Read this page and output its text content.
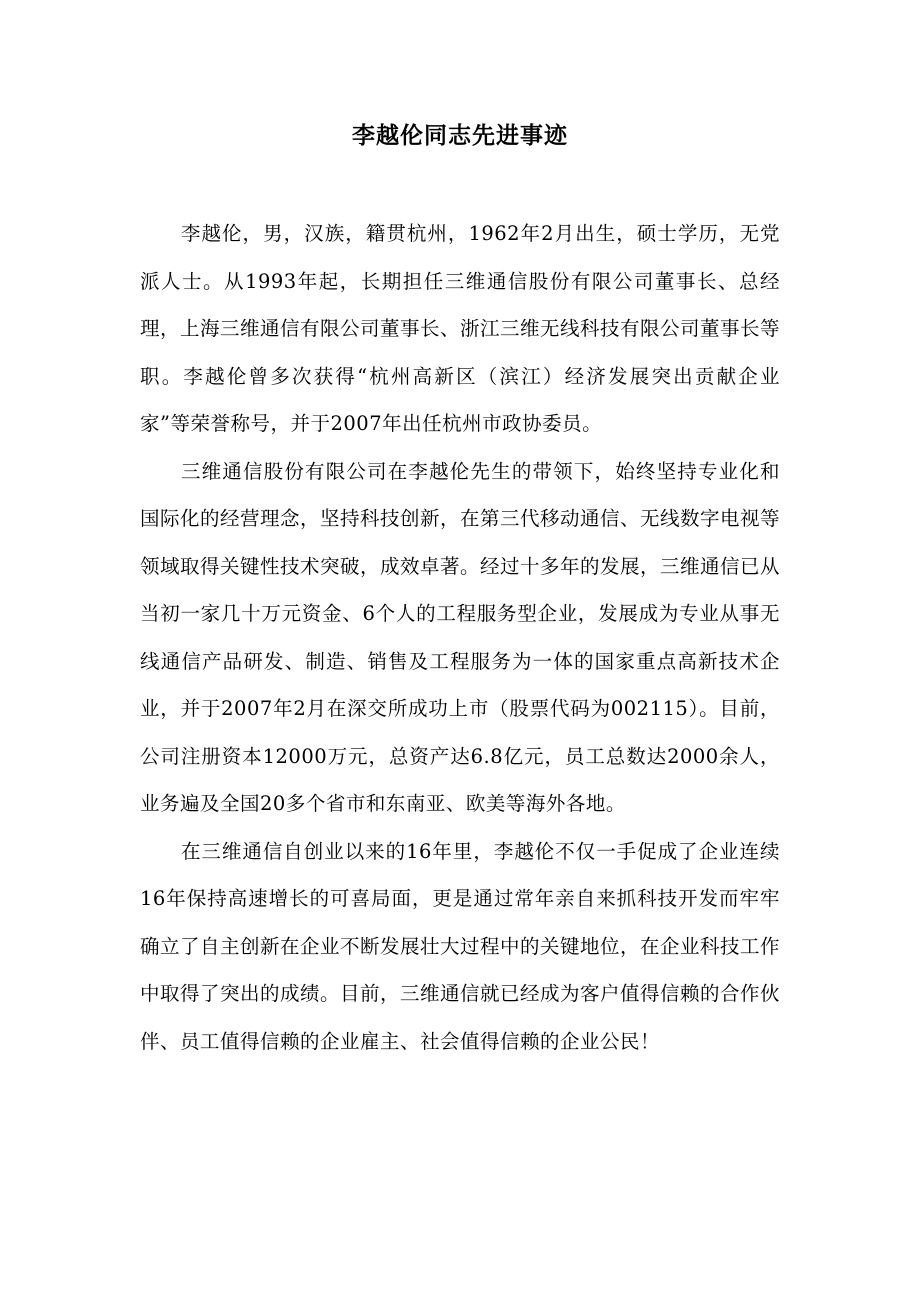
李越伦同志先进事迹

李越伦，男，汉族，籍贯杭州，1962年2月出生，硕士学历，无党派人士。从1993年起，长期担任三维通信股份有限公司董事长、总经理，上海三维通信有限公司董事长、浙江三维无线科技有限公司董事长等职。李越伦曾多次获得“杭州高新区（滨江）经济发展突出贡献企业家”等荣誉称号，并于2007年出任杭州市政协委员。

三维通信股份有限公司在李越伦先生的带领下，始终坚持专业化和国际化的经营理念，坚持科技创新，在第三代移动通信、无线数字电视等领域取得关键性技术突破，成效卓著。经过十多年的发展，三维通信已从当初一家几十万元资金、6个人的工程服务型企业，发展成为专业从事无线通信产品研发、制造、销售及工程服务为一体的国家重点高新技术企业，并于2007年2月在深交所成功上市（股票代码为002115）。目前，公司注册资本12000万元，总资产达6.8亿元，员工总数达2000余人，业务遍及全国20多个省市和东南亚、欧美等海外各地。

在三维通信自创业以来的16年里，李越伦不仅一手促成了企业连续16年保持高速增长的可喜局面，更是通过常年亲自来抓科技开发而牢牢确立了自主创新在企业不断发展壮大过程中的关键地位，在企业科技工作中取得了突出的成绩。目前，三维通信就已经成为客户值得信赖的合作伙伴、员工值得信赖的企业雇主、社会值得信赖的企业公民！
